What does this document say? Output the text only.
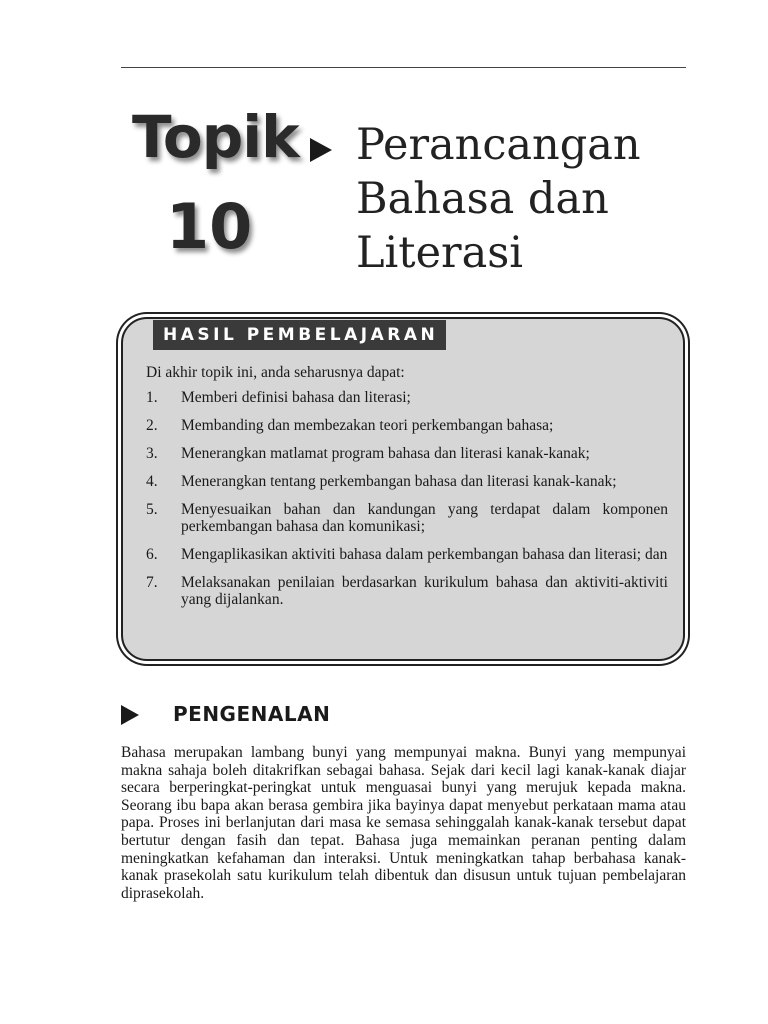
Topik
10
Perancangan
Bahasa dan
Literasi
HASIL PEMBELAJARAN
Di akhir topik ini, anda seharusnya dapat:
1. Memberi definisi bahasa dan literasi;
2. Membanding dan membezakan teori perkembangan bahasa;
3. Menerangkan matlamat program bahasa dan literasi kanak-kanak;
4. Menerangkan tentang perkembangan bahasa dan literasi kanak-kanak;
5. Menyesuaikan bahan dan kandungan yang terdapat dalam komponen perkembangan bahasa dan komunikasi;
6. Mengaplikasikan aktiviti bahasa dalam perkembangan bahasa dan literasi; dan
7. Melaksanakan penilaian berdasarkan kurikulum bahasa dan aktiviti-aktiviti yang dijalankan.
PENGENALAN

Bahasa merupakan lambang bunyi yang mempunyai makna. Bunyi yang mempunyai makna sahaja boleh ditakrifkan sebagai bahasa. Sejak dari kecil lagi kanak-kanak diajar secara berperingkat-peringkat untuk menguasai bunyi yang merujuk kepada makna. Seorang ibu bapa akan berasa gembira jika bayinya dapat menyebut perkataan mama atau papa. Proses ini berlanjutan dari masa ke semasa sehinggalah kanak-kanak tersebut dapat bertutur dengan fasih dan tepat. Bahasa juga memainkan peranan penting dalam meningkatkan kefahaman dan interaksi. Untuk meningkatkan tahap berbahasa kanak-kanak prasekolah satu kurikulum telah dibentuk dan disusun untuk tujuan pembelajaran diprasekolah.
